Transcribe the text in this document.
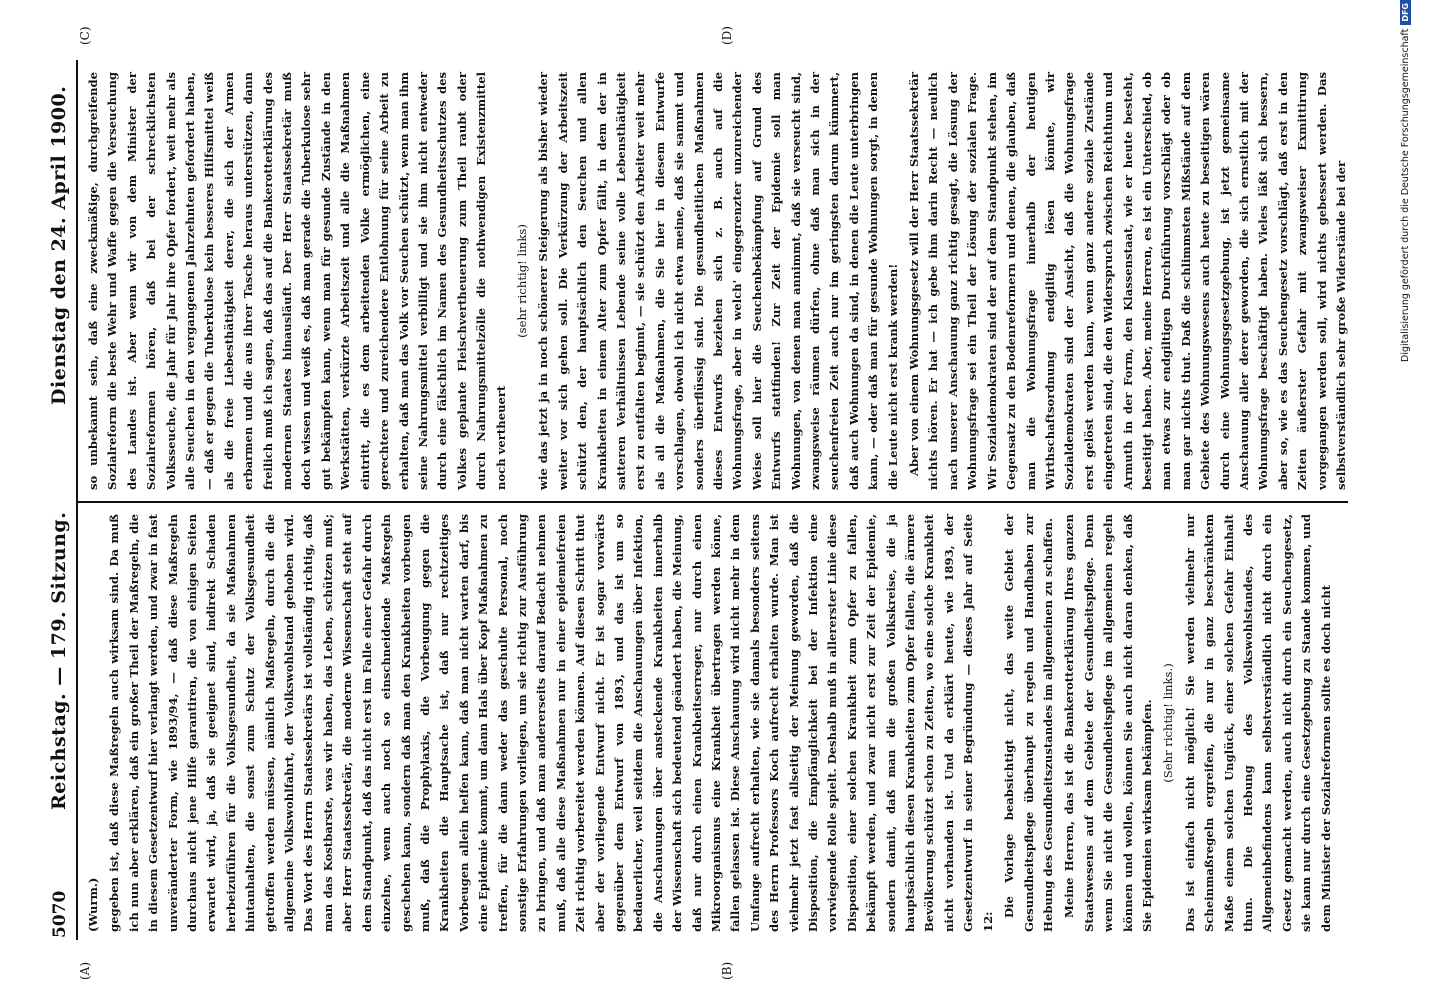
5070
Reichstag. — 179. Sitzung.
Dienstag den 24. April 1900.
(A)	(B)
(C)	(D)

(Wurm.) gegeben ist, daß diese Maßregeln auch wirksam sind. Da muß ich nun aber erklären, daß ein großer Theil der Maßregeln, die in diesem Gesetzentwurf hier verlangt werden, und zwar in fast unveränderter Form, wie 1893/94, — daß diese Maßregeln durchaus nicht jene Hilfe garantiren, die von einigen Seiten erwartet wird, ja, daß sie geeignet sind, indirekt Schaden herbeizuführen für die Volksgesundheit, da sie Maßnahmen hintanhalten, die sonst zum Schutz der Volksgesundheit getroffen werden müssen, nämlich Maßregeln, durch die die allgemeine Volkswohlfahrt, der Volkswohlstand gehoben wird. Das Wort des Herrn Staatssekretärs ist vollständig richtig, daß man das Kostbarste, was wir haben, das Leben, schützen muß; aber Herr Staatssekretär, die moderne Wissenschaft steht auf dem Standpunkt, daß das nicht erst im Falle einer Gefahr durch einzelne, wenn auch noch so einschneidende Maßregeln geschehen kann, sondern daß man den Krankheiten vorbeugen muß, daß die Prophylaxis, die Vorbeugung gegen die Krankheiten die Hauptsache ist, daß nur rechtzeitiges Vorbeugen allein helfen kann, daß man nicht warten darf, bis eine Epidemie kommt, um dann Hals über Kopf Maßnahmen zu treffen, für die dann weder das geschulte Personal, noch sonstige Erfahrungen vorliegen, um sie richtig zur Ausführung zu bringen, und daß man andererseits darauf Bedacht nehmen muß, daß alle diese Maßnahmen nur in einer epidemiefreien Zeit richtig vorbereitet werden können. Auf diesen Schritt thut aber der vorliegende Entwurf nicht. Er ist sogar vorwärts gegenüber dem Entwurf von 1893, und das ist um so bedauerlicher, weil seitdem die Anschauungen über Infektion, die Anschauungen über ansteckende Krankheiten innerhalb der Wissenschaft sich bedeutend geändert haben, die Meinung, daß nur durch einen Krankheitserreger, nur durch einen Mikroorganismus eine Krankheit übertragen werden könne, fallen gelassen ist. Diese Anschauung wird nicht mehr in dem Umfange aufrecht erhalten, wie sie damals besonders seitens des Herrn Professors Koch aufrecht erhalten wurde. Man ist vielmehr jetzt fast allseitig der Meinung geworden, daß die Disposition, die Empfänglichkeit bei der Infektion eine vorwiegende Rolle spielt. Deshalb muß in allererster Linie diese Disposition, einer solchen Krankheit zum Opfer zu fallen, bekämpft werden, und zwar nicht erst zur Zeit der Epidemie, sondern damit, daß man die großen Volkskreise, die ja hauptsächlich diesen Krankheiten zum Opfer fallen, die ärmere Bevölkerung schützt schon zu Zeiten, wo eine solche Krankheit nicht vorhanden ist. Und da erklärt heute, wie 1893, der Gesetzentwurf in seiner Begründung — dieses Jahr auf Seite 12:

Die Vorlage beabsichtigt nicht, das weite Gebiet der Gesundheitspflege überhaupt zu regeln und Handhaben zur Hebung des Gesundheitszustandes im allgemeinen zu schaffen. Meine Herren, das ist die Bankerotterklärung Ihres ganzen Staatswesens auf dem Gebiete der Gesundheitspflege. Denn wenn Sie nicht die Gesundheitspflege im allgemeinen regeln können und wollen, können Sie auch nicht daran denken, daß Sie Epidemien wirksam bekämpfen. (Sehr richtig! links.) Das ist einfach nicht möglich! Sie werden vielmehr nur Scheinmaßregeln ergreifen, die nur in ganz beschränktem Maße einem solchen Unglück, einer solchen Gefahr Einhalt thun. Die Hebung des Volkswohlstandes, des Allgemeinbefindens kann selbstverständlich nicht durch ein Gesetz gemacht werden, auch nicht durch ein Seuchengesetz, sie kann nur durch eine Gesetzgebung zu Stande kommen, und dem Minister der Sozialreformen sollte es doch nicht

so unbekannt sein, daß eine zweckmäßige, durchgreifende Sozialreform die beste Wehr und Waffe gegen die Verseuchung des Landes ist. Aber wenn wir von dem Minister der Sozialreformen hören, daß bei der schrecklichsten Volksseuche, die Jahr für Jahr ihre Opfer fordert, weit mehr als alle Seuchen in den vergangenen Jahrzehnten gefordert haben, — daß er gegen die Tuberkulose kein besseres Hilfsmittel weiß als die freie Liebesthätigkeit derer, die sich der Armen erbarmen und die aus ihrer Tasche heraus unterstützen, dann freilich muß ich sagen, daß das auf die Bankerotterklärung des modernen Staates hinausläuft. Der Herr Staatssekretär muß doch wissen und weiß es, daß man gerade die Tuberkulose sehr gut bekämpfen kann, wenn man für gesunde Zustände in den Werkstätten, verkürzte Arbeitszeit und alle die Maßnahmen eintritt, die es dem arbeitenden Volke ermöglichen, eine gerechtere und zureichendere Entlohnung für seine Arbeit zu erhalten, daß man das Volk vor Seuchen schützt, wenn man ihm seine Nahrungsmittel verbilligt und sie ihm nicht entweder durch eine fälschlich im Namen des Gesundheitsschutzes des Volkes geplante Fleischvertheuerung zum Theil raubt oder durch Nahrungsmittelzölle die nothwendigen Existenzmittel noch vertheuert

(sehr richtig! links) wie das jetzt ja in noch schönerer Steigerung als bisher wieder weiter vor sich gehen soll. Die Verkürzung der Arbeitszeit schützt den, der hauptsächlich den Seuchen und allen Krankheiten in einem Alter zum Opfer fällt, in dem der in satteren Verhältnissen Lebende seine volle Lebensthätigkeit erst zu entfalten beginnt, — sie schützt den Arbeiter weit mehr als all die Maßnahmen, die Sie hier in diesem Entwurfe vorschlagen, obwohl ich nicht etwa meine, daß sie sammt und sonders überflüssig sind. Die gesundheitlichen Maßnahmen dieses Entwurfs beziehen sich z. B. auch auf die Wohnungsfrage, aber in welch' eingegrenzter unzureichender Weise soll hier die Seuchenbekämpfung auf Grund des Entwurfs stattfinden! Zur Zeit der Epidemie soll man Wohnungen, von denen man annimmt, daß sie verseucht sind, zwangsweise räumen dürfen, ohne daß man sich in der seuchenfreien Zeit auch nur im geringsten darum kümmert, daß auch Wohnungen da sind, in denen die Leute unterbringen kann, — oder daß man für gesunde Wohnungen sorgt, in denen die Leute nicht erst krank werden! Aber von einem Wohnungsgesetz will der Herr Staatssekretär nichts hören. Er hat — ich gebe ihm darin Recht — neulich nach unserer Anschauung ganz richtig gesagt, die Lösung der Wohnungsfrage sei ein Theil der Lösung der sozialen Frage. Wir Sozialdemokraten sind der auf dem Standpunkt stehen, im Gegensatz zu den Bodenreformern und denen, die glauben, daß man die Wohnungsfrage innerhalb der heutigen Wirthschaftsordnung endgiltig lösen könnte, wir Sozialdemokraten sind der Ansicht, daß die Wohnungsfrage erst gelöst werden kann, wenn ganz andere soziale Zustände eingetreten sind, die den Widerspruch zwischen Reichthum und Armuth in der Form, den Klassenstaat, wie er heute besteht, beseitigt haben. Aber, meine Herren, es ist ein Unterschied, ob man etwas zur endgiltigen Durchführung vorschlägt oder ob man gar nichts thut. Daß die schlimmsten Mißstände auf dem Gebiete des Wohnungswesens auch heute zu beseitigen wären durch eine Wohnungsgesetzgebung, ist jetzt gemeinsame Anschauung aller derer geworden, die sich ernstlich mit der Wohnungsfrage beschäftigt haben. Vieles läßt sich bessern, aber so, wie es das Seuchengesetz vorschlägt, daß erst in den Zeiten äußerster Gefahr mit zwangsweiser Exmittirung vorgegangen werden soll, wird nichts gebessert werden. Das selbstverständlich sehr große Widerstände bei der	Digitalisierung gefördert durch die Deutsche ForschungsgemeinschaftDFG
